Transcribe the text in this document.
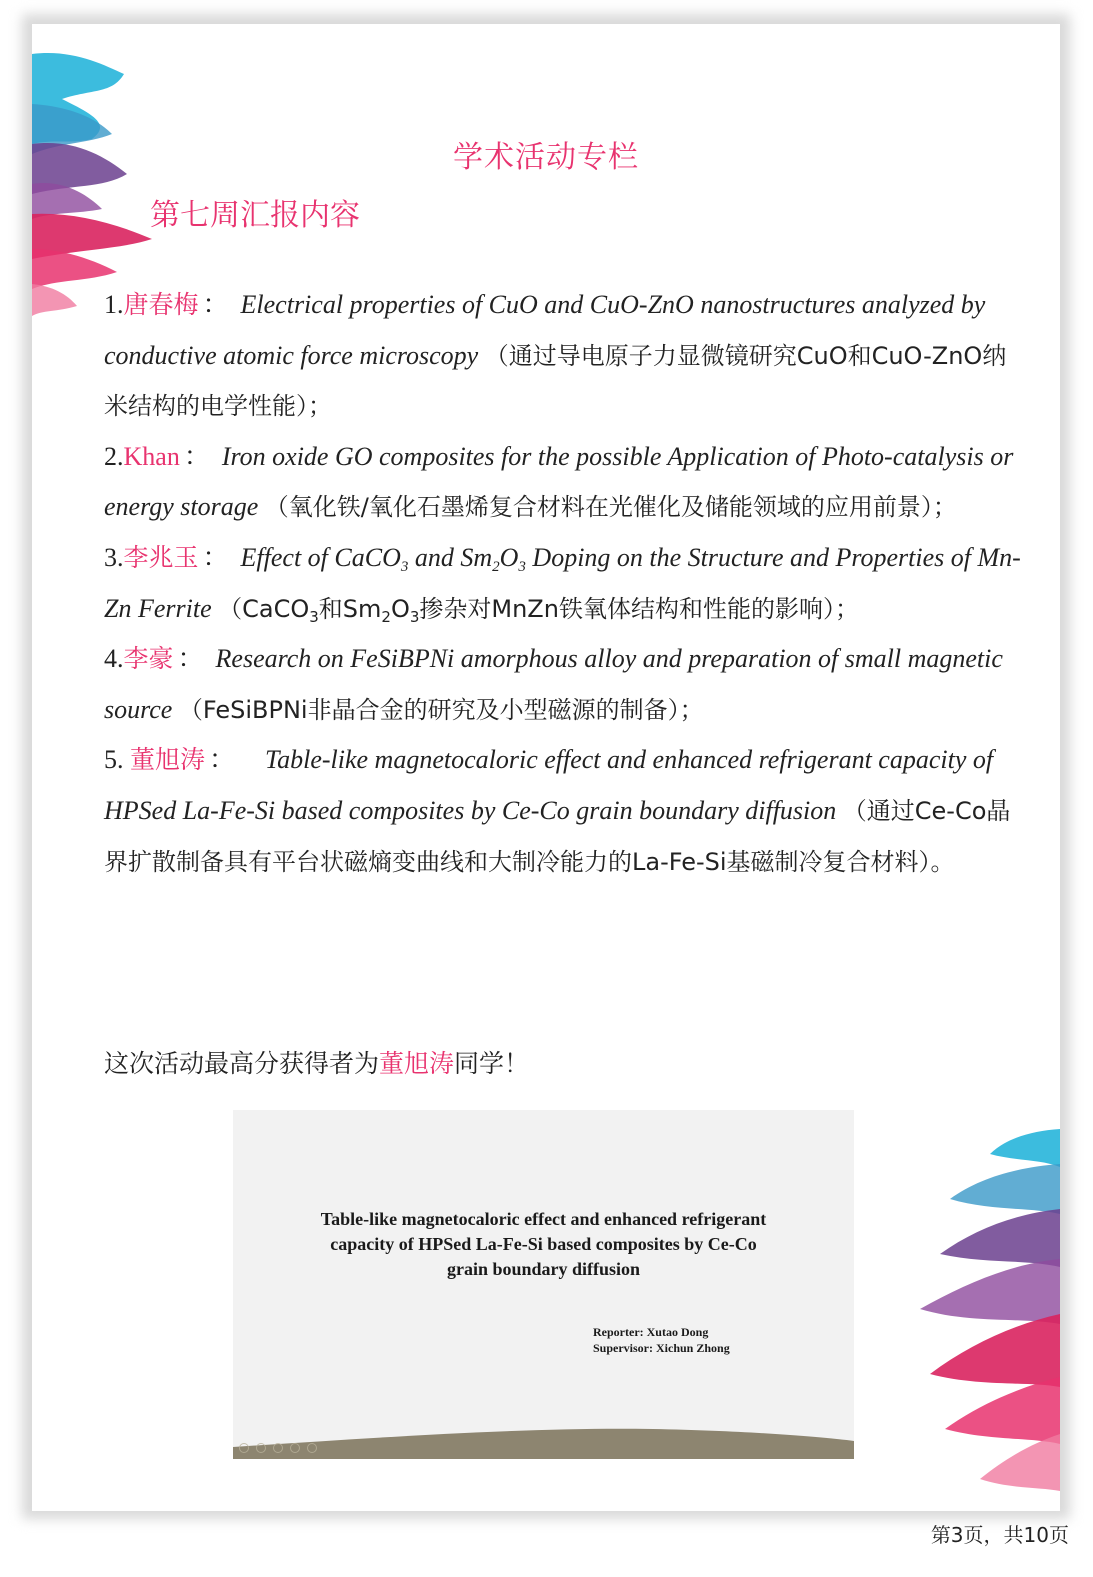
学术活动专栏
第七周汇报内容

1.唐春梅 ： Electrical properties of CuO and CuO-ZnO nanostructures analyzed by conductive atomic force microscopy （通过导电原子力显微镜研究CuO和CuO-ZnO纳米结构的电学性能）；

2.Khan ： Iron oxide GO composites for the possible Application of Photo-catalysis or energy storage （氧化铁/氧化石墨烯复合材料在光催化及储能领域的应用前景）；

3.李兆玉 ： Effect of CaCO$_3$ and $Sm_2O_3$ Doping on the Structure and Properties of Mn-Zn Ferrite （CaCO$_3$和$Sm_2O_3$掺杂对MnZn铁氧体结构和性能的影响）；

4.李豪 ： Research on FeSiBPNi amorphous alloy and preparation of small magnetic source （FeSiBPNi非晶合金的研究及小型磁源的制备）；

5. 董旭涛 ： Table-like magnetocaloric effect and enhanced refrigerant capacity of HPSed La-Fe-Si based composites by Ce-Co grain boundary diffusion （通过Ce-Co晶界扩散制备具有平台状磁熵变曲线和大制冷能力的La-Fe-Si基磁制冷复合材料）。

这次活动最高分获得者为董旭涛同学！
Table-like magnetocaloric effect and enhanced refrigerant
capacity of HPSed La-Fe-Si based composites by Ce-Co
grain boundary diffusion
Reporter: Xutao Dong
Supervisor: Xichun Zhong
第3页，共10页
